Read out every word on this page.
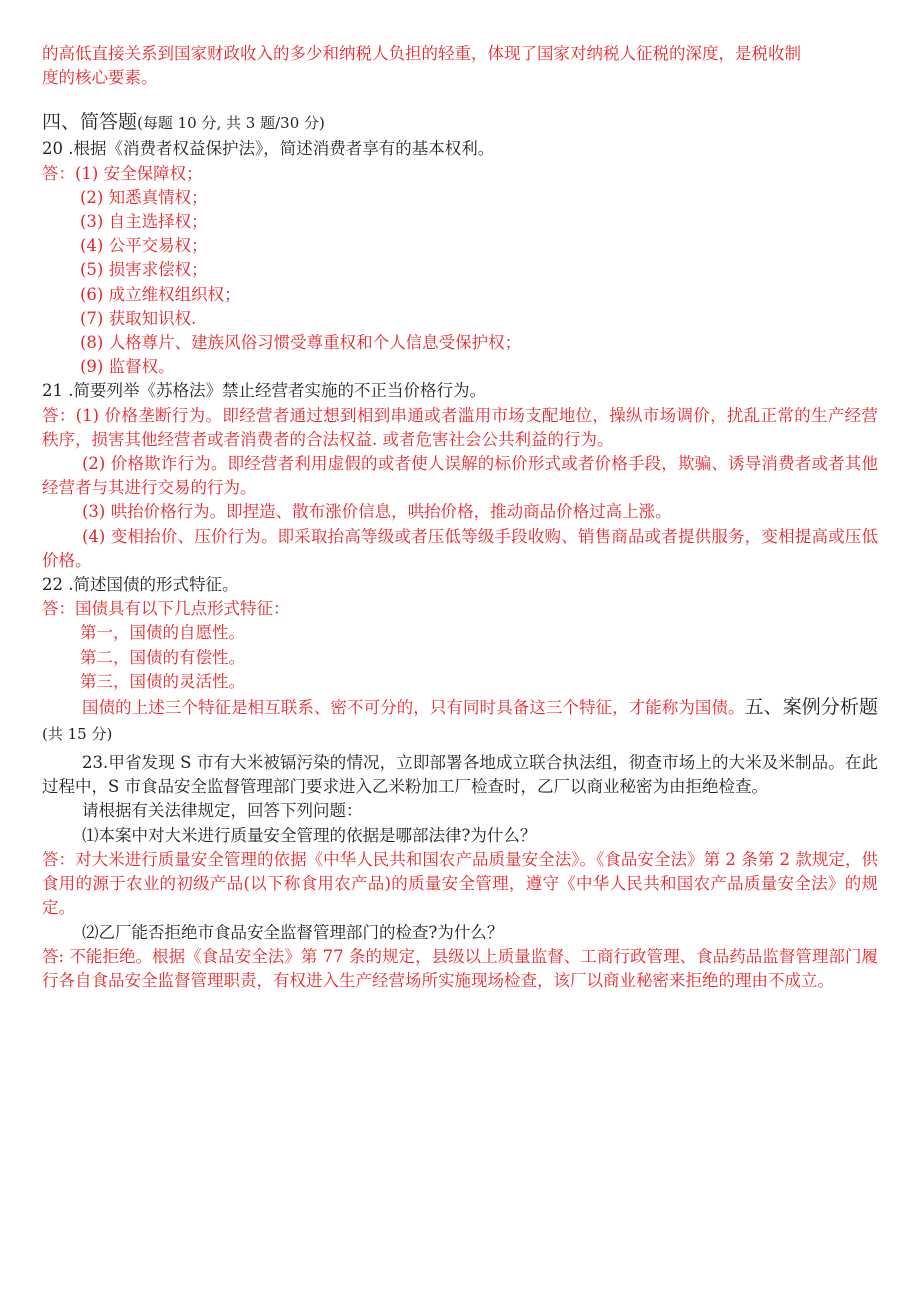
的高低直接关系到国家财政收入的多少和纳税人负担的轻重，体现了国家对纳税人征税的深度，是税收制

度的核心要素。

四、简答题(每题 10 分, 共 3 题/30 分)

20 .根据《消费者权益保护法》，简述消费者享有的基本权利。

答：(1) 安全保障权；

(2) 知悉真情权；

(3) 自主选择权；

(4) 公平交易权；

(5) 损害求偿权；

(6) 成立维权组织权；

(7) 获取知识权.

(8) 人格尊片、建族风俗习惯受尊重权和个人信息受保护权；

(9) 监督权。

21 .简要列举《苏格法》禁止经营者实施的不正当价格行为。

答：(1) 价格垄断行为。即经营者通过想到相到串通或者滥用市场支配地位，操纵市场调价，扰乱正常的生产经营秩序，损害其他经营者或者消费者的合法权益. 或者危害社会公共利益的行为。

(2) 价格欺诈行为。即经营者利用虚假的或者使人误解的标价形式或者价格手段，欺骗、诱导消费者或者其他经营者与其进行交易的行为。

(3) 哄抬价格行为。即捏造、散布涨价信息，哄抬价格，推动商品价格过高上涨。

(4) 变相抬价、压价行为。即采取抬高等级或者压低等级手段收购、销售商品或者提供服务，变相提高或压低价格。

22 .简述国债的形式特征。

答：国债具有以下几点形式特征：

第一，国债的自愿性。

第二，国债的有偿性。

第三，国债的灵活性。

国债的上述三个特征是相互联系、密不可分的，只有同时具备这三个特征，才能称为国债。五、案例分析题(共 15 分)

23.甲省发现 S 市有大米被镉污染的情况，立即部署各地成立联合执法组，彻查市场上的大米及米制品。在此过程中，S 市食品安全监督管理部门要求进入乙米粉加工厂检查时，乙厂以商业秘密为由拒绝检查。

请根据有关法律规定，回答下列问题：

⑴本案中对大米进行质量安全管理的依据是哪部法律?为什么？

答：对大米进行质量安全管理的依据《中华人民共和国农产品质量安全法》。《食品安全法》第 2 条第 2 款规定，供食用的源于农业的初级产品(以下称食用农产品)的质量安全管理，遵守《中华人民共和国农产品质量安全法》的规定。

⑵乙厂能否拒绝市食品安全监督管理部门的检查?为什么？

答: 不能拒绝。根据《食品安全法》第 77 条的规定，县级以上质量监督、工商行政管理、食品药品监督管理部门履行各自食品安全监督管理职责，有权进入生产经营场所实施现场检查，该厂以商业秘密来拒绝的理由不成立。
